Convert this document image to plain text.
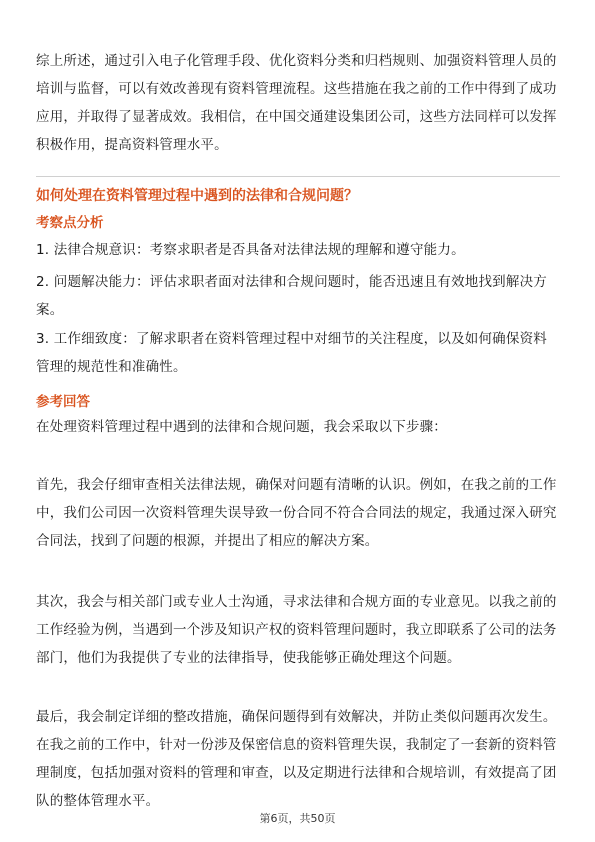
综上所述，通过引入电子化管理手段、优化资料分类和归档规则、加强资料管理人员的培训与监督，可以有效改善现有资料管理流程。这些措施在我之前的工作中得到了成功应用，并取得了显著成效。我相信，在中国交通建设集团公司，这些方法同样可以发挥积极作用，提高资料管理水平。

如何处理在资料管理过程中遇到的法律和合规问题？

考察点分析

1. 法律合规意识：考察求职者是否具备对法律法规的理解和遵守能力。

2. 问题解决能力：评估求职者面对法律和合规问题时，能否迅速且有效地找到解决方案。

3. 工作细致度：了解求职者在资料管理过程中对细节的关注程度，以及如何确保资料管理的规范性和准确性。

参考回答

在处理资料管理过程中遇到的法律和合规问题，我会采取以下步骤：

首先，我会仔细审查相关法律法规，确保对问题有清晰的认识。例如，在我之前的工作中，我们公司因一次资料管理失误导致一份合同不符合合同法的规定，我通过深入研究合同法，找到了问题的根源，并提出了相应的解决方案。

其次，我会与相关部门或专业人士沟通，寻求法律和合规方面的专业意见。以我之前的工作经验为例，当遇到一个涉及知识产权的资料管理问题时，我立即联系了公司的法务部门，他们为我提供了专业的法律指导，使我能够正确处理这个问题。

最后，我会制定详细的整改措施，确保问题得到有效解决，并防止类似问题再次发生。在我之前的工作中，针对一份涉及保密信息的资料管理失误，我制定了一套新的资料管理制度，包括加强对资料的管理和审查，以及定期进行法律和合规培训，有效提高了团队的整体管理水平。

第6页，共50页
